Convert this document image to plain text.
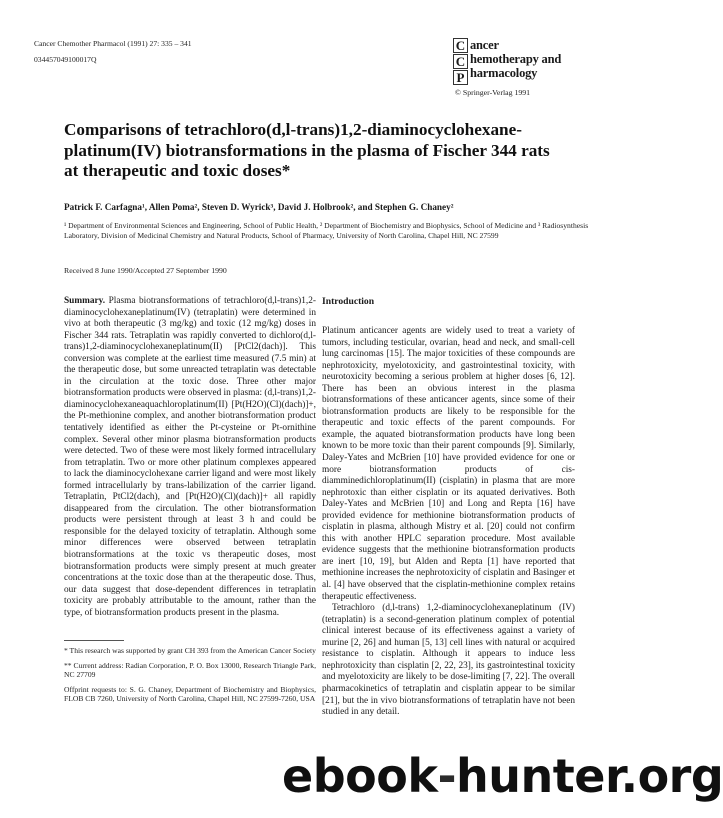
Cancer Chemother Pharmacol (1991) 27: 335 – 341
034457049100017Q
C
C
P
ancer
hemotherapy and
harmacology
© Springer-Verlag 1991
Comparisons of tetrachloro(d,l-trans)1,2-diaminocyclohexane-platinum(IV) biotransformations in the plasma of Fischer 344 rats at therapeutic and toxic doses*
Patrick F. Carfagna¹, Allen Poma², Steven D. Wyrick³, David J. Holbrook², and Stephen G. Chaney²
¹ Department of Environmental Sciences and Engineering, School of Public Health, ² Department of Biochemistry and Biophysics, School of Medicine and ³ Radiosynthesis Laboratory, Division of Medicinal Chemistry and Natural Products, School of Pharmacy, University of North Carolina, Chapel Hill, NC 27599
Received 8 June 1990/Accepted 27 September 1990

Summary. Plasma biotransformations of tetrachloro(d,l-trans)1,2-diaminocyclohexaneplatinum(IV) (tetraplatin) were determined in vivo at both therapeutic (3 mg/kg) and toxic (12 mg/kg) doses in Fischer 344 rats. Tetraplatin was rapidly converted to dichloro(d,l-trans)1,2-diaminocyclohexaneplatinum(II) [PtCl2(dach)]. This conversion was complete at the earliest time measured (7.5 min) at the therapeutic dose, but some unreacted tetraplatin was detectable in the circulation at the toxic dose. Three other major biotransformation products were observed in plasma: (d,l-trans)1,2-diaminocyclohexaneaquachloroplatinum(II) [Pt(H2O)(Cl)(dach)]+, the Pt-methionine complex, and another biotransformation product tentatively identified as either the Pt-cysteine or Pt-ornithine complex. Several other minor plasma biotransformation products were detected. Two of these were most likely formed intracellulary from tetraplatin. Two or more other platinum complexes appeared to lack the diaminocyclohexane carrier ligand and were most likely formed intracellularly by trans-labilization of the carrier ligand. Tetraplatin, PtCl2(dach), and [Pt(H2O)(Cl)(dach)]+ all rapidly disappeared from the circulation. The other biotransformation products were persistent through at least 3 h and could be responsible for the delayed toxicity of tetraplatin. Although some minor differences were observed between tetraplatin biotransformations at the toxic vs therapeutic doses, most biotransformation products were simply present at much greater concentrations at the toxic dose than at the therapeutic dose. Thus, our data suggest that dose-dependent differences in tetraplatin toxicity are probably attributable to the amount, rather than the type, of biotransformation products present in the plasma.

* This research was supported by grant CH 393 from the American Cancer Society

** Current address: Radian Corporation, P. O. Box 13000, Research Triangle Park, NC 27709

Offprint requests to: S. G. Chaney, Department of Biochemistry and Biophysics, FLOB CB 7260, University of North Carolina, Chapel Hill, NC 27599-7260, USA

Introduction

Platinum anticancer agents are widely used to treat a variety of tumors, including testicular, ovarian, head and neck, and small-cell lung carcinomas [15]. The major toxicities of these compounds are nephrotoxicity, myelotoxicity, and gastrointestinal toxicity, with neurotoxicity becoming a serious problem at higher doses [6, 12]. There has been an obvious interest in the plasma biotransformations of these anticancer agents, since some of their biotransformation products are likely to be responsible for the therapeutic and toxic effects of the parent compounds. For example, the aquated biotransformation products have long been known to be more toxic than their parent compounds [9]. Similarly, Daley-Yates and McBrien [10] have provided evidence for one or more biotransformation products of cis-diamminedichloroplatinum(II) (cisplatin) in plasma that are more nephrotoxic than either cisplatin or its aquated derivatives. Both Daley-Yates and McBrien [10] and Long and Repta [16] have provided evidence for methionine biotransformation products of cisplatin in plasma, although Mistry et al. [20] could not confirm this with another HPLC separation procedure. Most available evidence suggests that the methionine biotransformation products are inert [10, 19], but Alden and Repta [1] have reported that methionine increases the nephrotoxicity of cisplatin and Basinger et al. [4] have observed that the cisplatin-methionine complex retains therapeutic effectiveness.

Tetrachloro (d,l-trans) 1,2-diaminocyclohexaneplatinum (IV) (tetraplatin) is a second-generation platinum complex of potential clinical interest because of its effectiveness against a variety of murine [2, 26] and human [5, 13] cell lines with natural or acquired resistance to cisplatin. Although it appears to induce less nephrotoxicity than cisplatin [2, 22, 23], its gastrointestinal toxicity and myelotoxicity are likely to be dose-limiting [7, 22]. The overall pharmacokinetics of tetraplatin and cisplatin appear to be similar [21], but the in vivo biotransformations of tetraplatin have not been studied in any detail.

ebook-hunter.org
